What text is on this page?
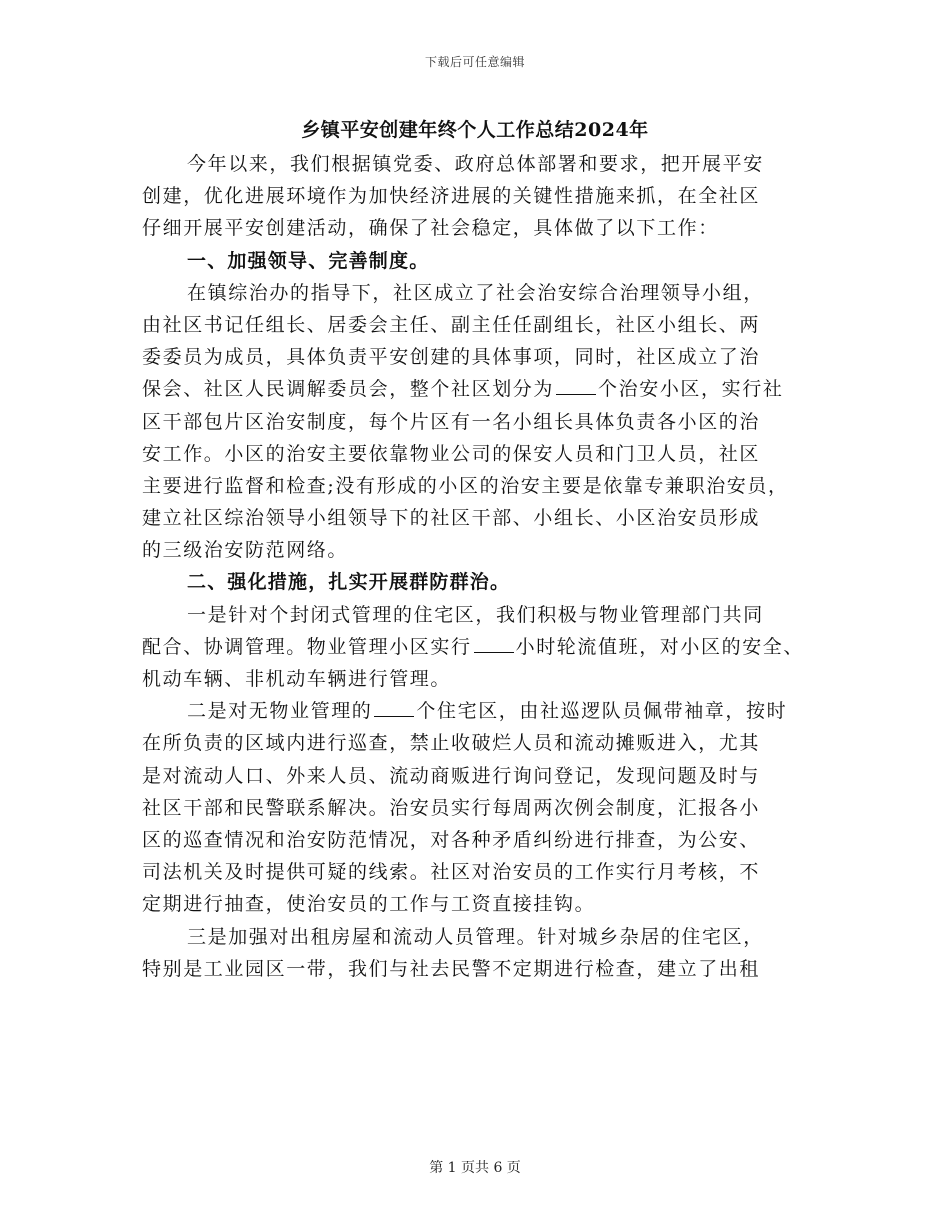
下载后可任意编辑
乡镇平安创建年终个人工作总结2024年
今年以来，我们根据镇党委、政府总体部署和要求，把开展平安
创建，优化进展环境作为加快经济进展的关键性措施来抓，在全社区
仔细开展平安创建活动，确保了社会稳定，具体做了以下工作：
一、加强领导、完善制度。
在镇综治办的指导下，社区成立了社会治安综合治理领导小组，
由社区书记任组长、居委会主任、副主任任副组长，社区小组长、两
委委员为成员，具体负责平安创建的具体事项，同时，社区成立了治
保会、社区人民调解委员会，整个社区划分为 个治安小区，实行社
区干部包片区治安制度，每个片区有一名小组长具体负责各小区的治
安工作。小区的治安主要依靠物业公司的保安人员和门卫人员，社区
主要进行监督和检查;没有形成的小区的治安主要是依靠专兼职治安员，
建立社区综治领导小组领导下的社区干部、小组长、小区治安员形成
的三级治安防范网络。
二、强化措施，扎实开展群防群治。
一是针对个封闭式管理的住宅区，我们积极与物业管理部门共同
配合、协调管理。物业管理小区实行 小时轮流值班，对小区的安全、
机动车辆、非机动车辆进行管理。
二是对无物业管理的 个住宅区，由社巡逻队员佩带袖章，按时
在所负责的区域内进行巡查，禁止收破烂人员和流动摊贩进入，尤其
是对流动人口、外来人员、流动商贩进行询问登记，发现问题及时与
社区干部和民警联系解决。治安员实行每周两次例会制度，汇报各小
区的巡查情况和治安防范情况，对各种矛盾纠纷进行排查，为公安、
司法机关及时提供可疑的线索。社区对治安员的工作实行月考核，不
定期进行抽查，使治安员的工作与工资直接挂钩。
三是加强对出租房屋和流动人员管理。针对城乡杂居的住宅区，
特别是工业园区一带，我们与社去民警不定期进行检查，建立了出租
第 1 页共 6 页
